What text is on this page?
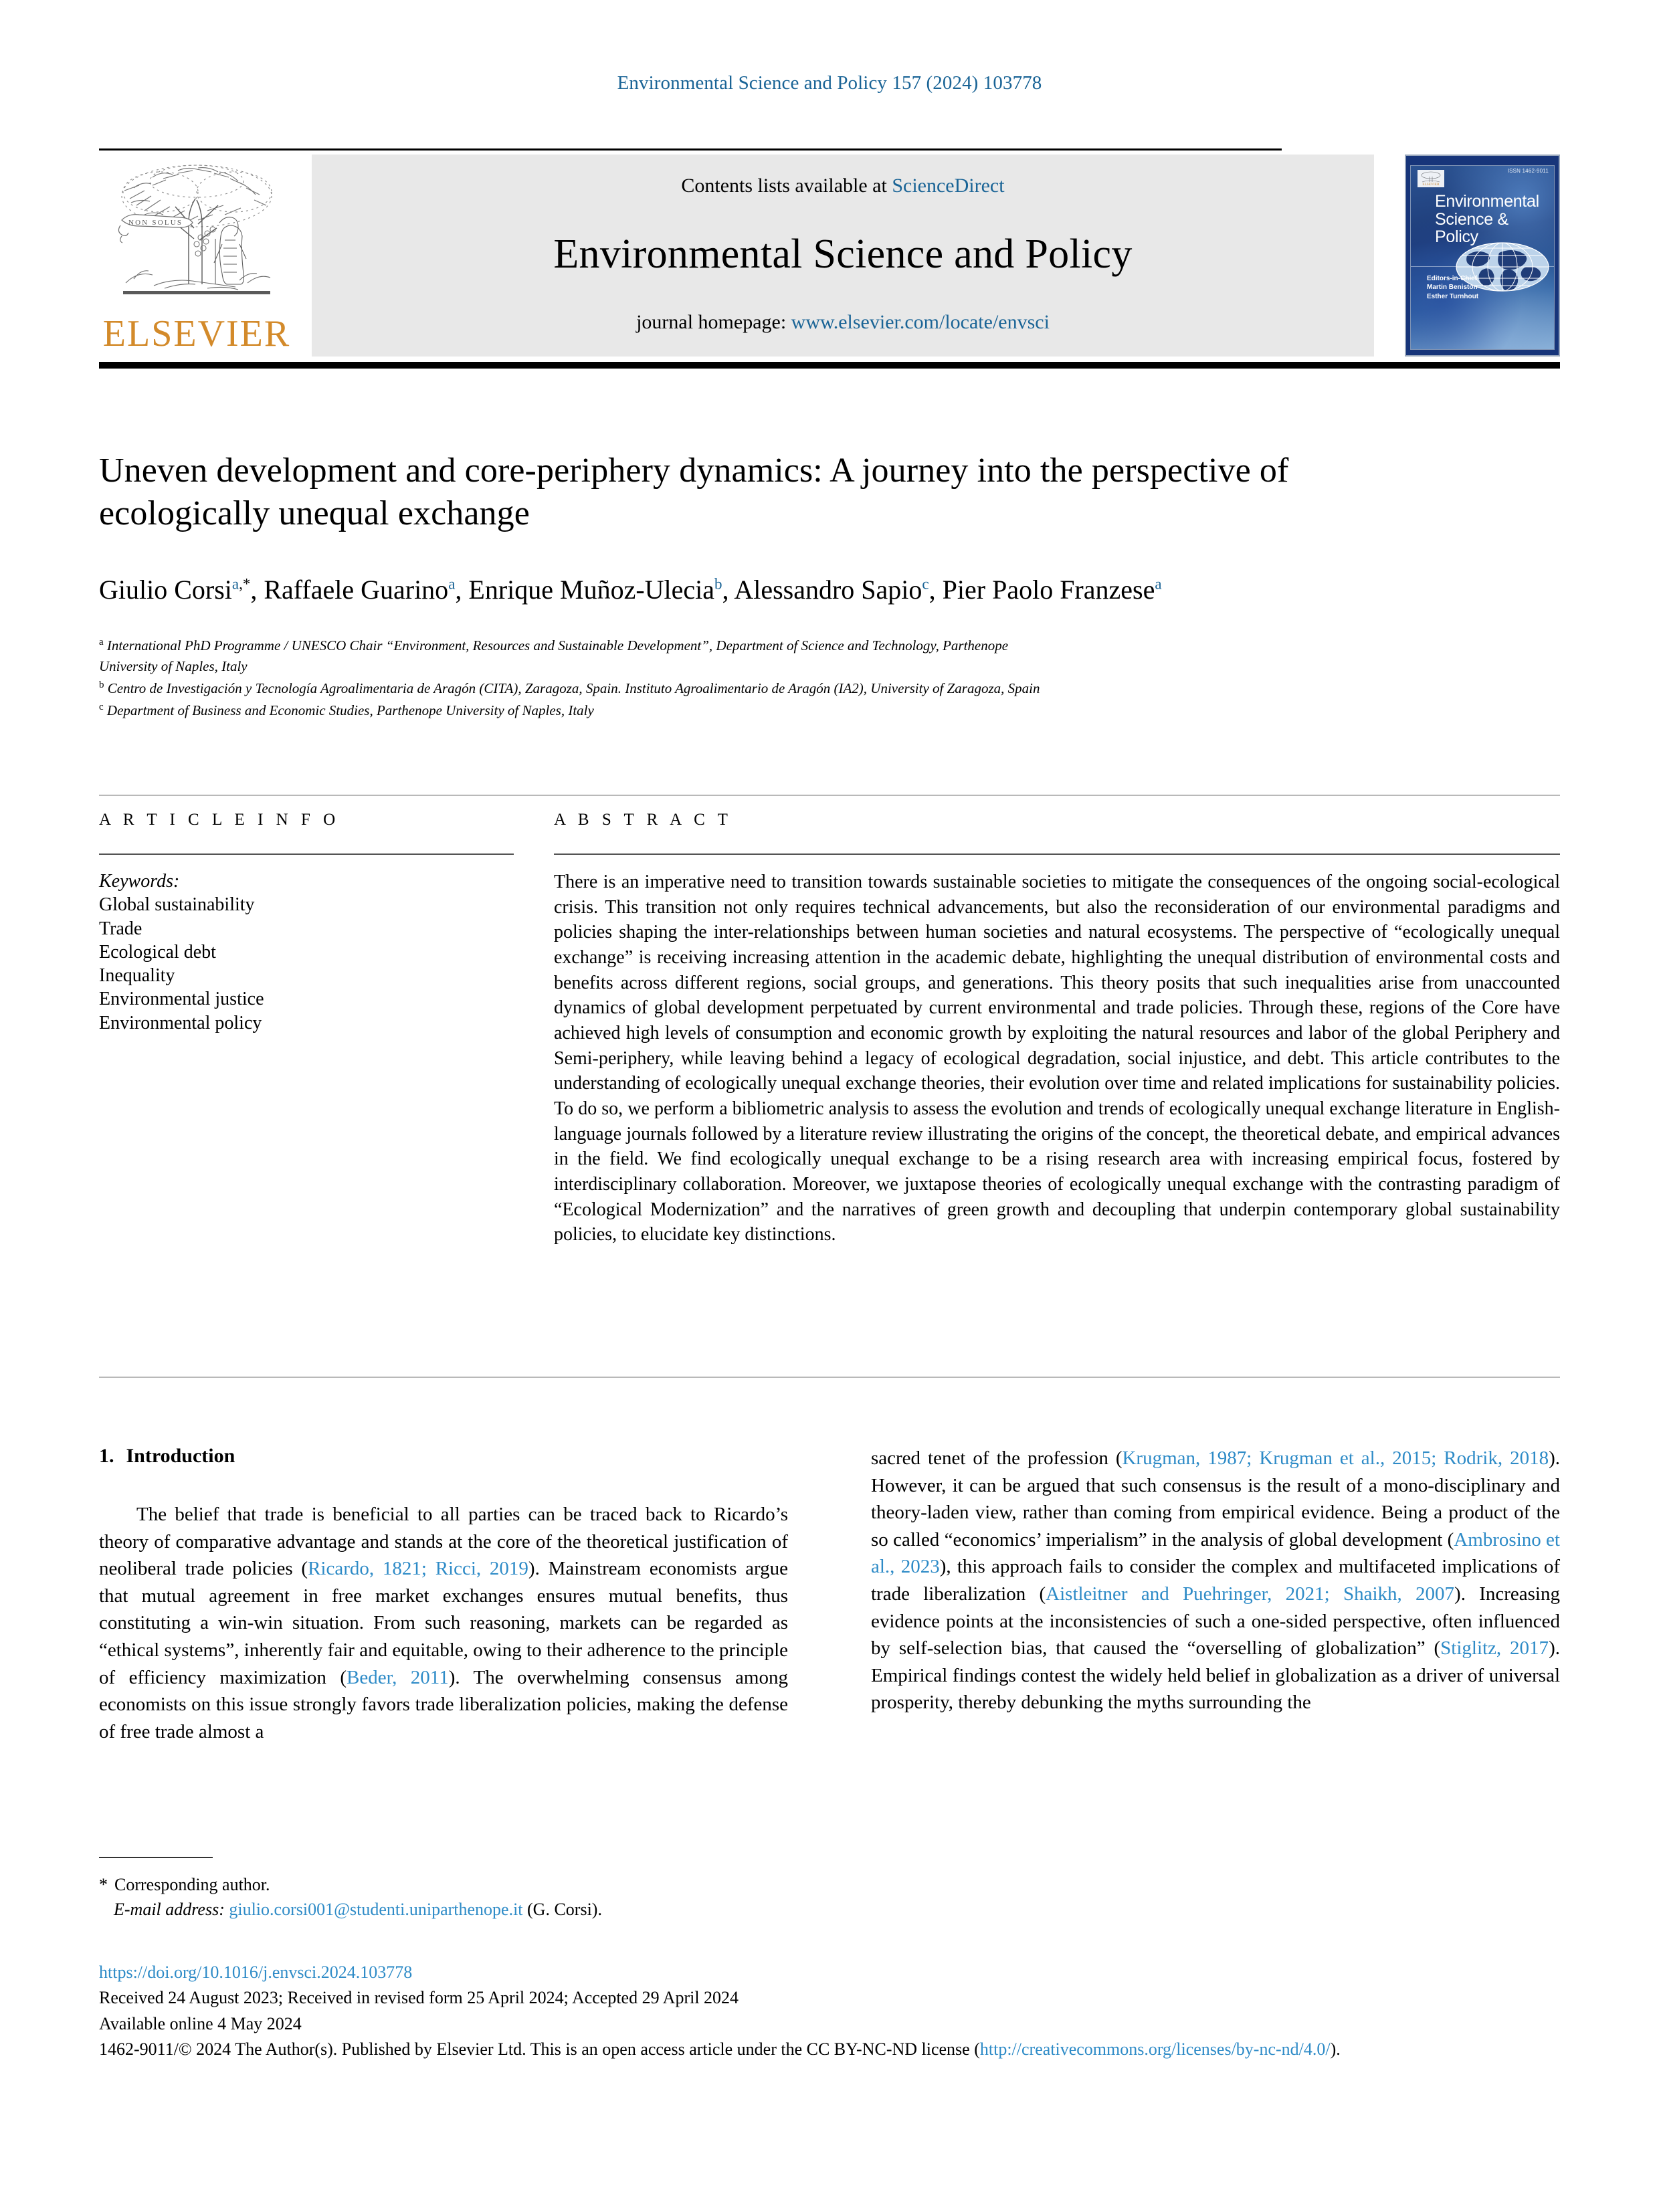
Environmental Science and Policy 157 (2024) 103778
NON SOLUS
ELSEVIER
Contents lists available at ScienceDirect
Environmental Science and Policy
journal homepage: www.elsevier.com/locate/envsci
ISSN 1462-9011
ELSEVIER
Environmental
Science &
Policy
Editors-in-Chief
Martin Beniston
Esther Turnhout
Uneven development and core-periphery dynamics: A journey into the perspective of ecologically unequal exchange
Giulio Corsi$^{a,*}$, Raffaele Guarino$^a$, Enrique Muñoz-Ulecia$^b$, Alessandro Sapio$^c$, Pier Paolo Franzese$^a$
$^a$ International PhD Programme / UNESCO Chair “Environment, Resources and Sustainable Development”, Department of Science and Technology, Parthenope
University of Naples, Italy
$^b$ Centro de Investigación y Tecnología Agroalimentaria de Aragón (CITA), Zaragoza, Spain. Instituto Agroalimentario de Aragón (IA2), University of Zaragoza, Spain
$^c$ Department of Business and Economic Studies, Parthenope University of Naples, Italy
A R T I C L E I N F O
Keywords:
Global sustainability
Trade
Ecological debt
Inequality
Environmental justice
Environmental policy
A B S T R A C T
There is an imperative need to transition towards sustainable societies to mitigate the consequences of the ongoing social-ecological crisis. This transition not only requires technical advancements, but also the reconsideration of our environmental paradigms and policies shaping the inter-relationships between human societies and natural ecosystems. The perspective of “ecologically unequal exchange” is receiving increasing attention in the academic debate, highlighting the unequal distribution of environmental costs and benefits across different regions, social groups, and generations. This theory posits that such inequalities arise from unaccounted dynamics of global development perpetuated by current environmental and trade policies. Through these, regions of the Core have achieved high levels of consumption and economic growth by exploiting the natural resources and labor of the global Periphery and Semi-periphery, while leaving behind a legacy of ecological degradation, social injustice, and debt. This article contributes to the understanding of ecologically unequal exchange theories, their evolution over time and related implications for sustainability policies. To do so, we perform a bibliometric analysis to assess the evolution and trends of ecologically unequal exchange literature in English-language journals followed by a literature review illustrating the origins of the concept, the theoretical debate, and empirical advances in the field. We find ecologically unequal exchange to be a rising research area with increasing empirical focus, fostered by interdisciplinary collaboration. Moreover, we juxtapose theories of ecologically unequal exchange with the contrasting paradigm of “Ecological Modernization” and the narratives of green growth and decoupling that underpin contemporary global sustainability policies, to elucidate key distinctions.
1. Introduction

The belief that trade is beneficial to all parties can be traced back to Ricardo’s theory of comparative advantage and stands at the core of the theoretical justification of neoliberal trade policies (Ricardo, 1821; Ricci, 2019). Mainstream economists argue that mutual agreement in free market exchanges ensures mutual benefits, thus constituting a win-win situation. From such reasoning, markets can be regarded as “ethical systems”, inherently fair and equitable, owing to their adherence to the principle of efficiency maximization (Beder, 2011). The overwhelming consensus among economists on this issue strongly favors trade liberalization policies, making the defense of free trade almost a

sacred tenet of the profession (Krugman, 1987; Krugman et al., 2015; Rodrik, 2018). However, it can be argued that such consensus is the result of a mono-disciplinary and theory-laden view, rather than coming from empirical evidence. Being a product of the so called “economics’ imperialism” in the analysis of global development (Ambrosino et al., 2023), this approach fails to consider the complex and multifaceted implications of trade liberalization (Aistleitner and Puehringer, 2021; Shaikh, 2007). Increasing evidence points at the inconsistencies of such a one-sided perspective, often influenced by self-selection bias, that caused the “overselling of globalization” (Stiglitz, 2017). Empirical findings contest the widely held belief in globalization as a driver of universal prosperity, thereby debunking the myths surrounding the

* Corresponding author.
E-mail address: giulio.corsi001@studenti.uniparthenope.it (G. Corsi).
https://doi.org/10.1016/j.envsci.2024.103778
Received 24 August 2023; Received in revised form 25 April 2024; Accepted 29 April 2024
Available online 4 May 2024
1462-9011/© 2024 The Author(s). Published by Elsevier Ltd. This is an open access article under the CC BY-NC-ND license (http://creativecommons.org/licenses/by-nc-nd/4.0/).
